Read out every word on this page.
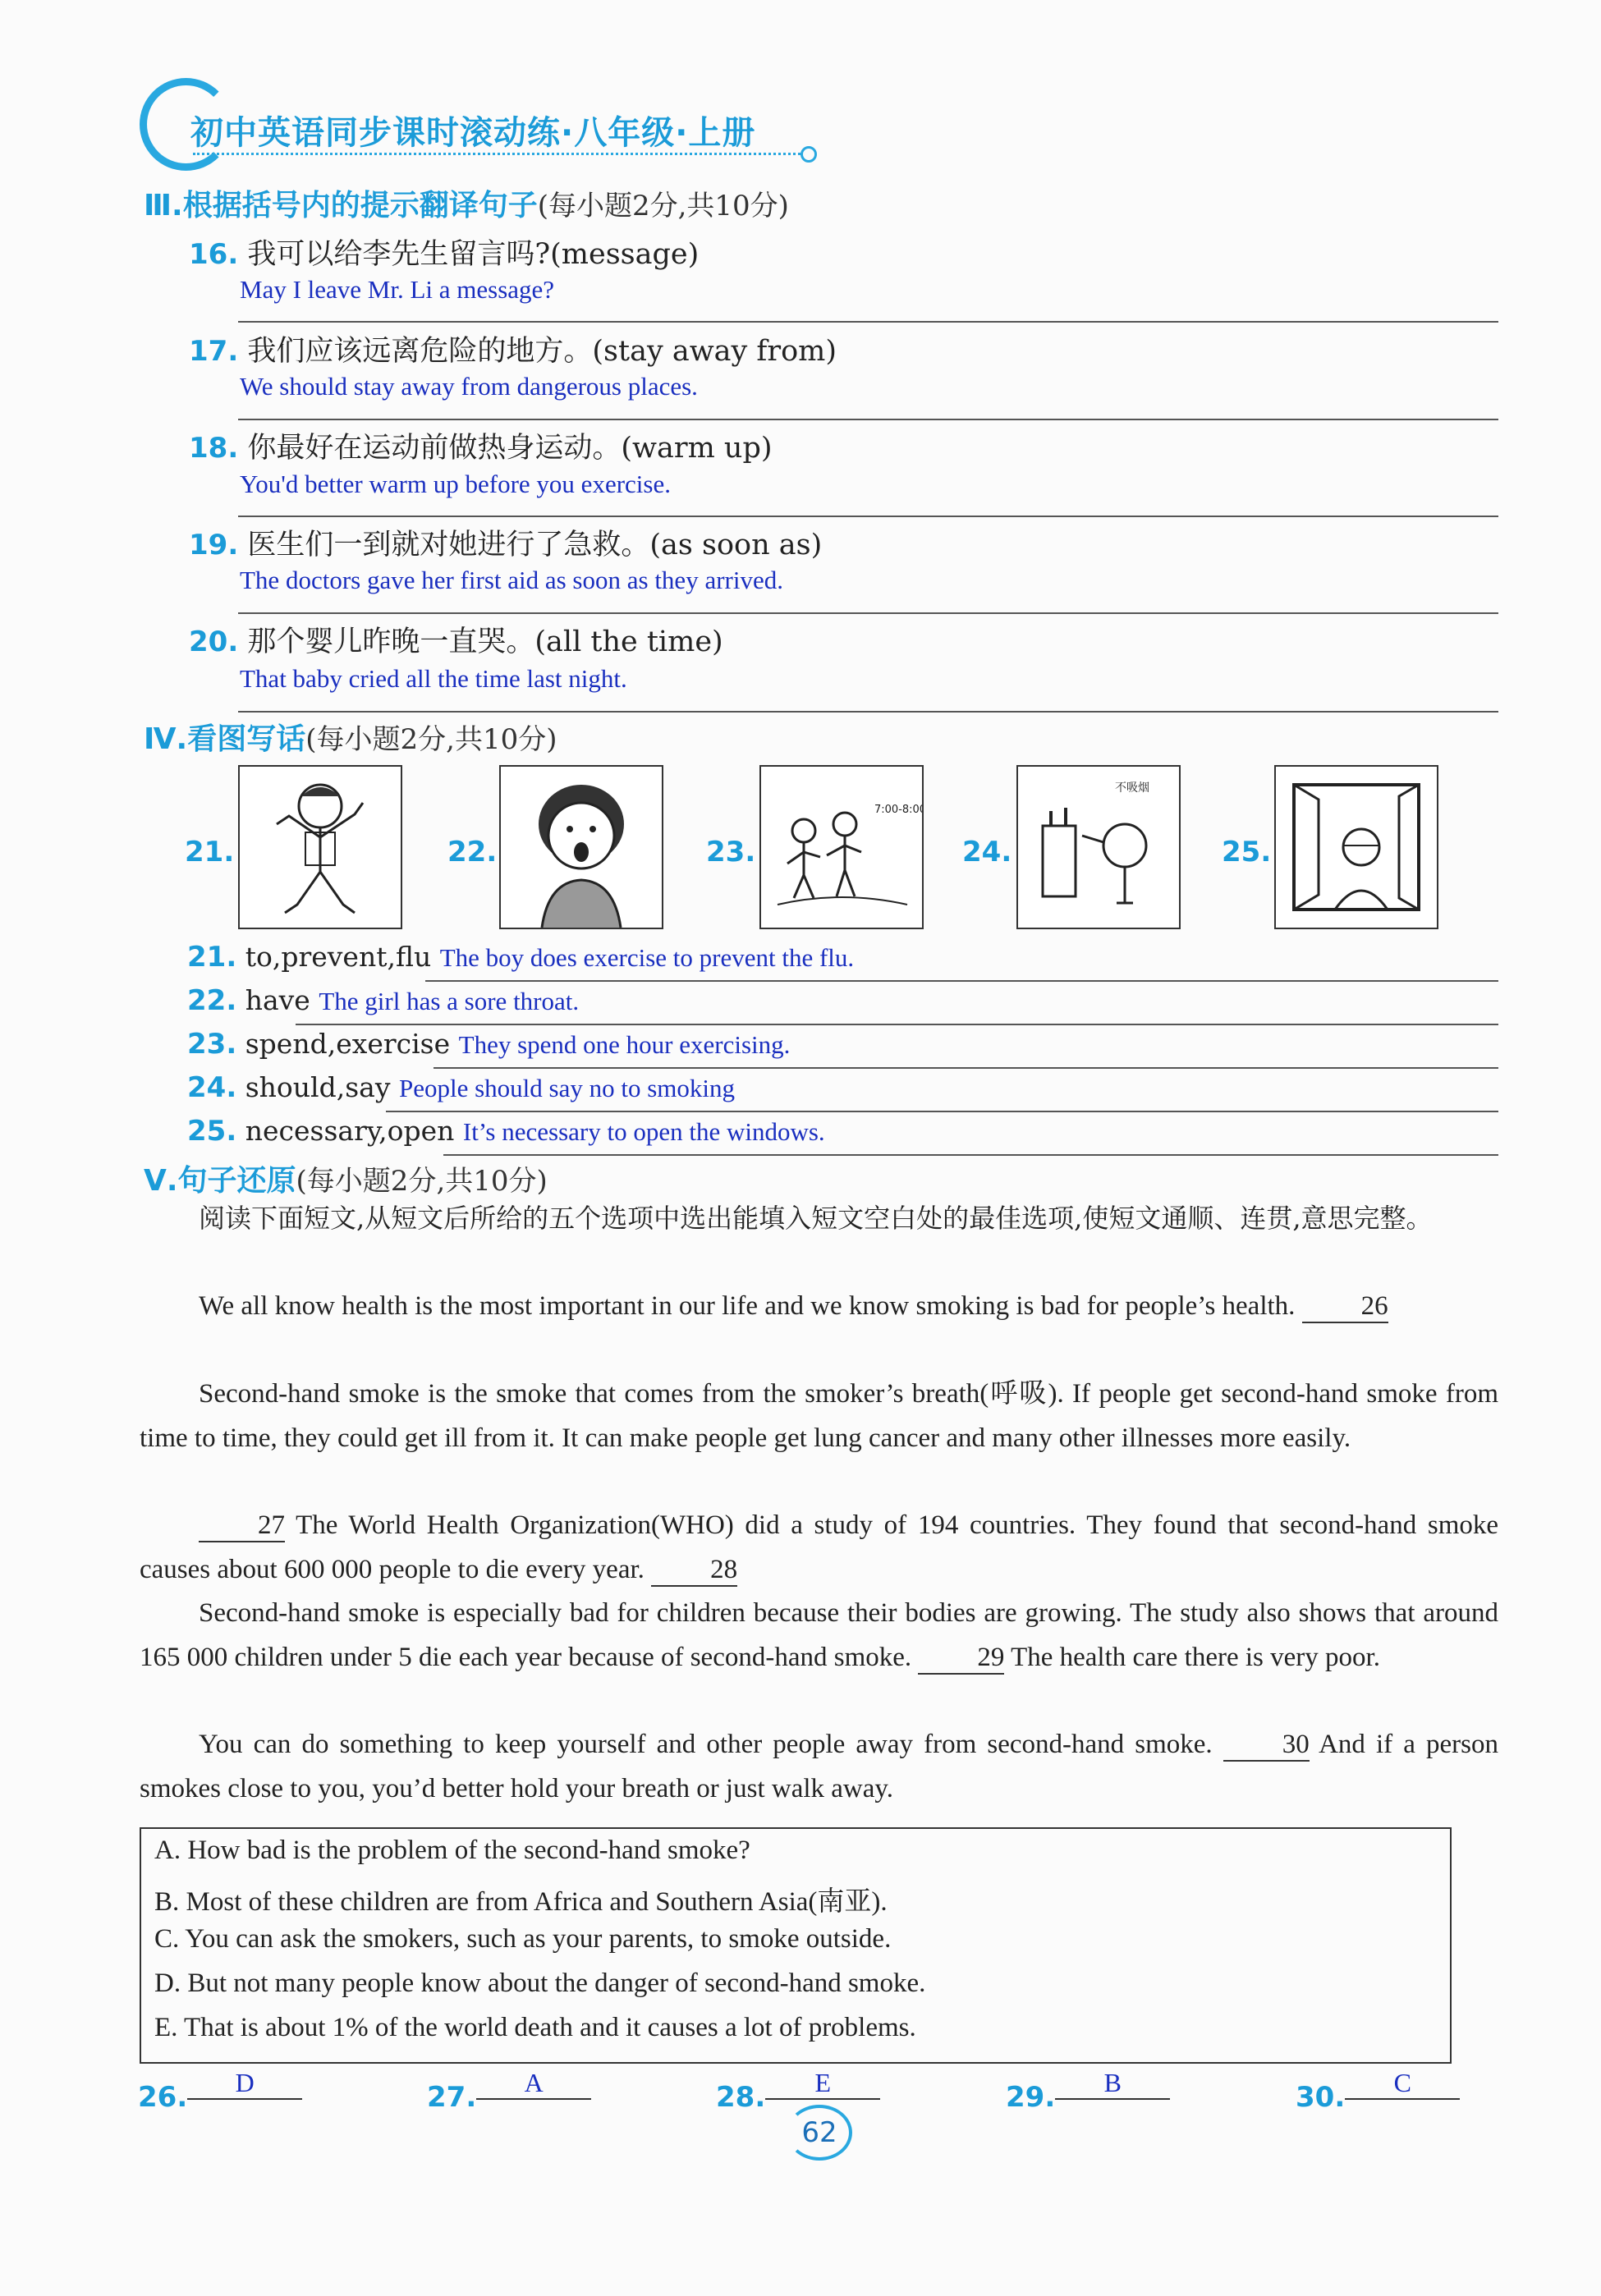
初中英语同步课时滚动练·八年级·上册
Ⅲ.根据括号内的提示翻译句子(每小题2分,共10分)
16. 我可以给李先生留言吗?(message)
May I leave Mr. Li a message?
17. 我们应该远离危险的地方。(stay away from)
We should stay away from dangerous places.
18. 你最好在运动前做热身运动。(warm up)
You'd better warm up before you exercise.
19. 医生们一到就对她进行了急救。(as soon as)
The doctors gave her first aid as soon as they arrived.
20. 那个婴儿昨晚一直哭。(all the time)
That baby cried all the time last night.
Ⅳ.看图写话(每小题2分,共10分)
21.	22.	23.
7:00-8:00
24.
不吸烟
25.
21. to,prevent,flu The boy does exercise to prevent the flu.
22. have The girl has a sore throat.
23. spend,exercise They spend one hour exercising.
24. should,say People should say no to smoking
25. necessary,open It’s necessary to open the windows.
Ⅴ.句子还原(每小题2分,共10分)
阅读下面短文,从短文后所给的五个选项中选出能填入短文空白处的最佳选项,使短文通顺、连贯,意思完整。
We all know health is the most important in our life and we know smoking is bad for people’s health. 26
Second-hand smoke is the smoke that comes from the smoker’s breath(呼吸). If people get second-hand smoke from time to time, they could get ill from it. It can make people get lung cancer and many other illnesses more easily.
27 The World Health Organization(WHO) did a study of 194 countries. They found that second-hand smoke causes about 600 000 people to die every year. 28
Second-hand smoke is especially bad for children because their bodies are growing. The study also shows that around 165 000 children under 5 die each year because of second-hand smoke. 29 The health care there is very poor.
You can do something to keep yourself and other people away from second-hand smoke.	30 And if a person smokes close to you, you’d better hold your breath or just walk away.
A. How bad is the problem of the second-hand smoke?
B. Most of these children are from Africa and Southern Asia(南亚).
C. You can ask the smokers, such as your parents, to smoke outside.
D. But not many people know about the danger of second-hand smoke.
E. That is about 1% of the world death and it causes a lot of problems.
26. D	27. A	28. E	29. B	30. C
62
